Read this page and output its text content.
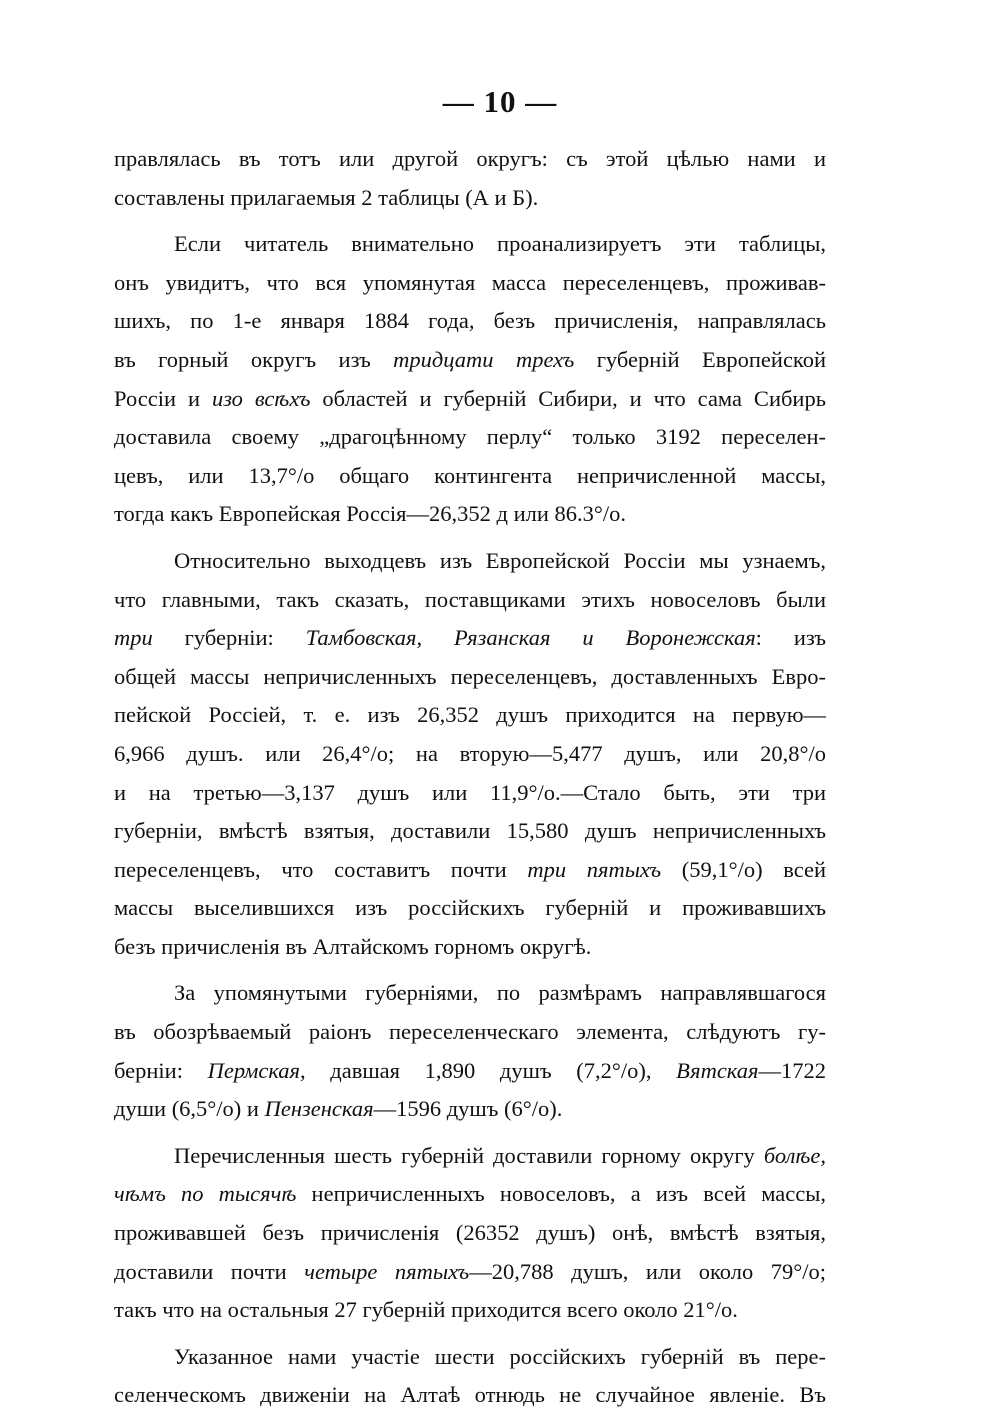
— 10 —
правлялась въ тотъ или другой округъ: съ этой цѣлью нами и
составлены прилагаемыя 2 таблицы (А и Б).
Если читатель внимательно проанализируетъ эти таблицы,
онъ увидитъ, что вся упомянутая масса переселенцевъ, проживав-
шихъ, по 1-е января 1884 года, безъ причисленія, направлялась
въ горный округъ изъ тридцати трехъ губерній Европейской
Россіи и изо всѣхъ областей и губерній Сибири, и что сама Сибирь
доставила своему „драгоцѣнному перлу“ только 3192 переселен-
цевъ, или 13,7°/о общаго контингента непричисленной массы,
тогда какъ Европейская Россія—26,352 д или 86.3°/о.
Относительно выходцевъ изъ Европейской Россіи мы узнаемъ,
что главными, такъ сказать, поставщиками этихъ новоселовъ были
три губерніи: Тамбовская, Рязанская и Воронежская: изъ
общей массы непричисленныхъ переселенцевъ, доставленныхъ Евро-
пейской Россіей, т. е. изъ 26,352 душъ приходится на первую—
6,966 душъ. или 26,4°/о; на вторую—5,477 душъ, или 20,8°/о
и на третью—3,137 душъ или 11,9°/о.—Стало быть, эти три
губерніи, вмѣстѣ взятыя, доставили 15,580 душъ непричисленныхъ
переселенцевъ, что составитъ почти три пятыхъ (59,1°/о) всей
массы выселившихся изъ россійскихъ губерній и проживавшихъ
безъ причисленія въ Алтайскомъ горномъ округѣ.
За упомянутыми губерніями, по размѣрамъ направлявшагося
въ обозрѣваемый раіонъ переселенческаго элемента, слѣдуютъ гу-
берніи: Пермская, давшая 1,890 душъ (7,2°/о), Вятская—1722
души (6,5°/о) и Пензенская—1596 душъ (6°/о).
Перечисленныя шесть губерній доставили горному округу болѣе,
чѣмъ по тысячѣ непричисленныхъ новоселовъ, а изъ всей массы,
проживавшей безъ причисленія (26352 душъ) онѣ, вмѣстѣ взятыя,
доставили почти четыре пятыхъ—20,788 душъ, или около 79°/о;
такъ что на остальныя 27 губерній приходится всего около 21°/о.
Указанное нами участіе шести россійскихъ губерній въ пере-
селенческомъ движеніи на Алтаѣ отнюдь не случайное явленіе. Въ
